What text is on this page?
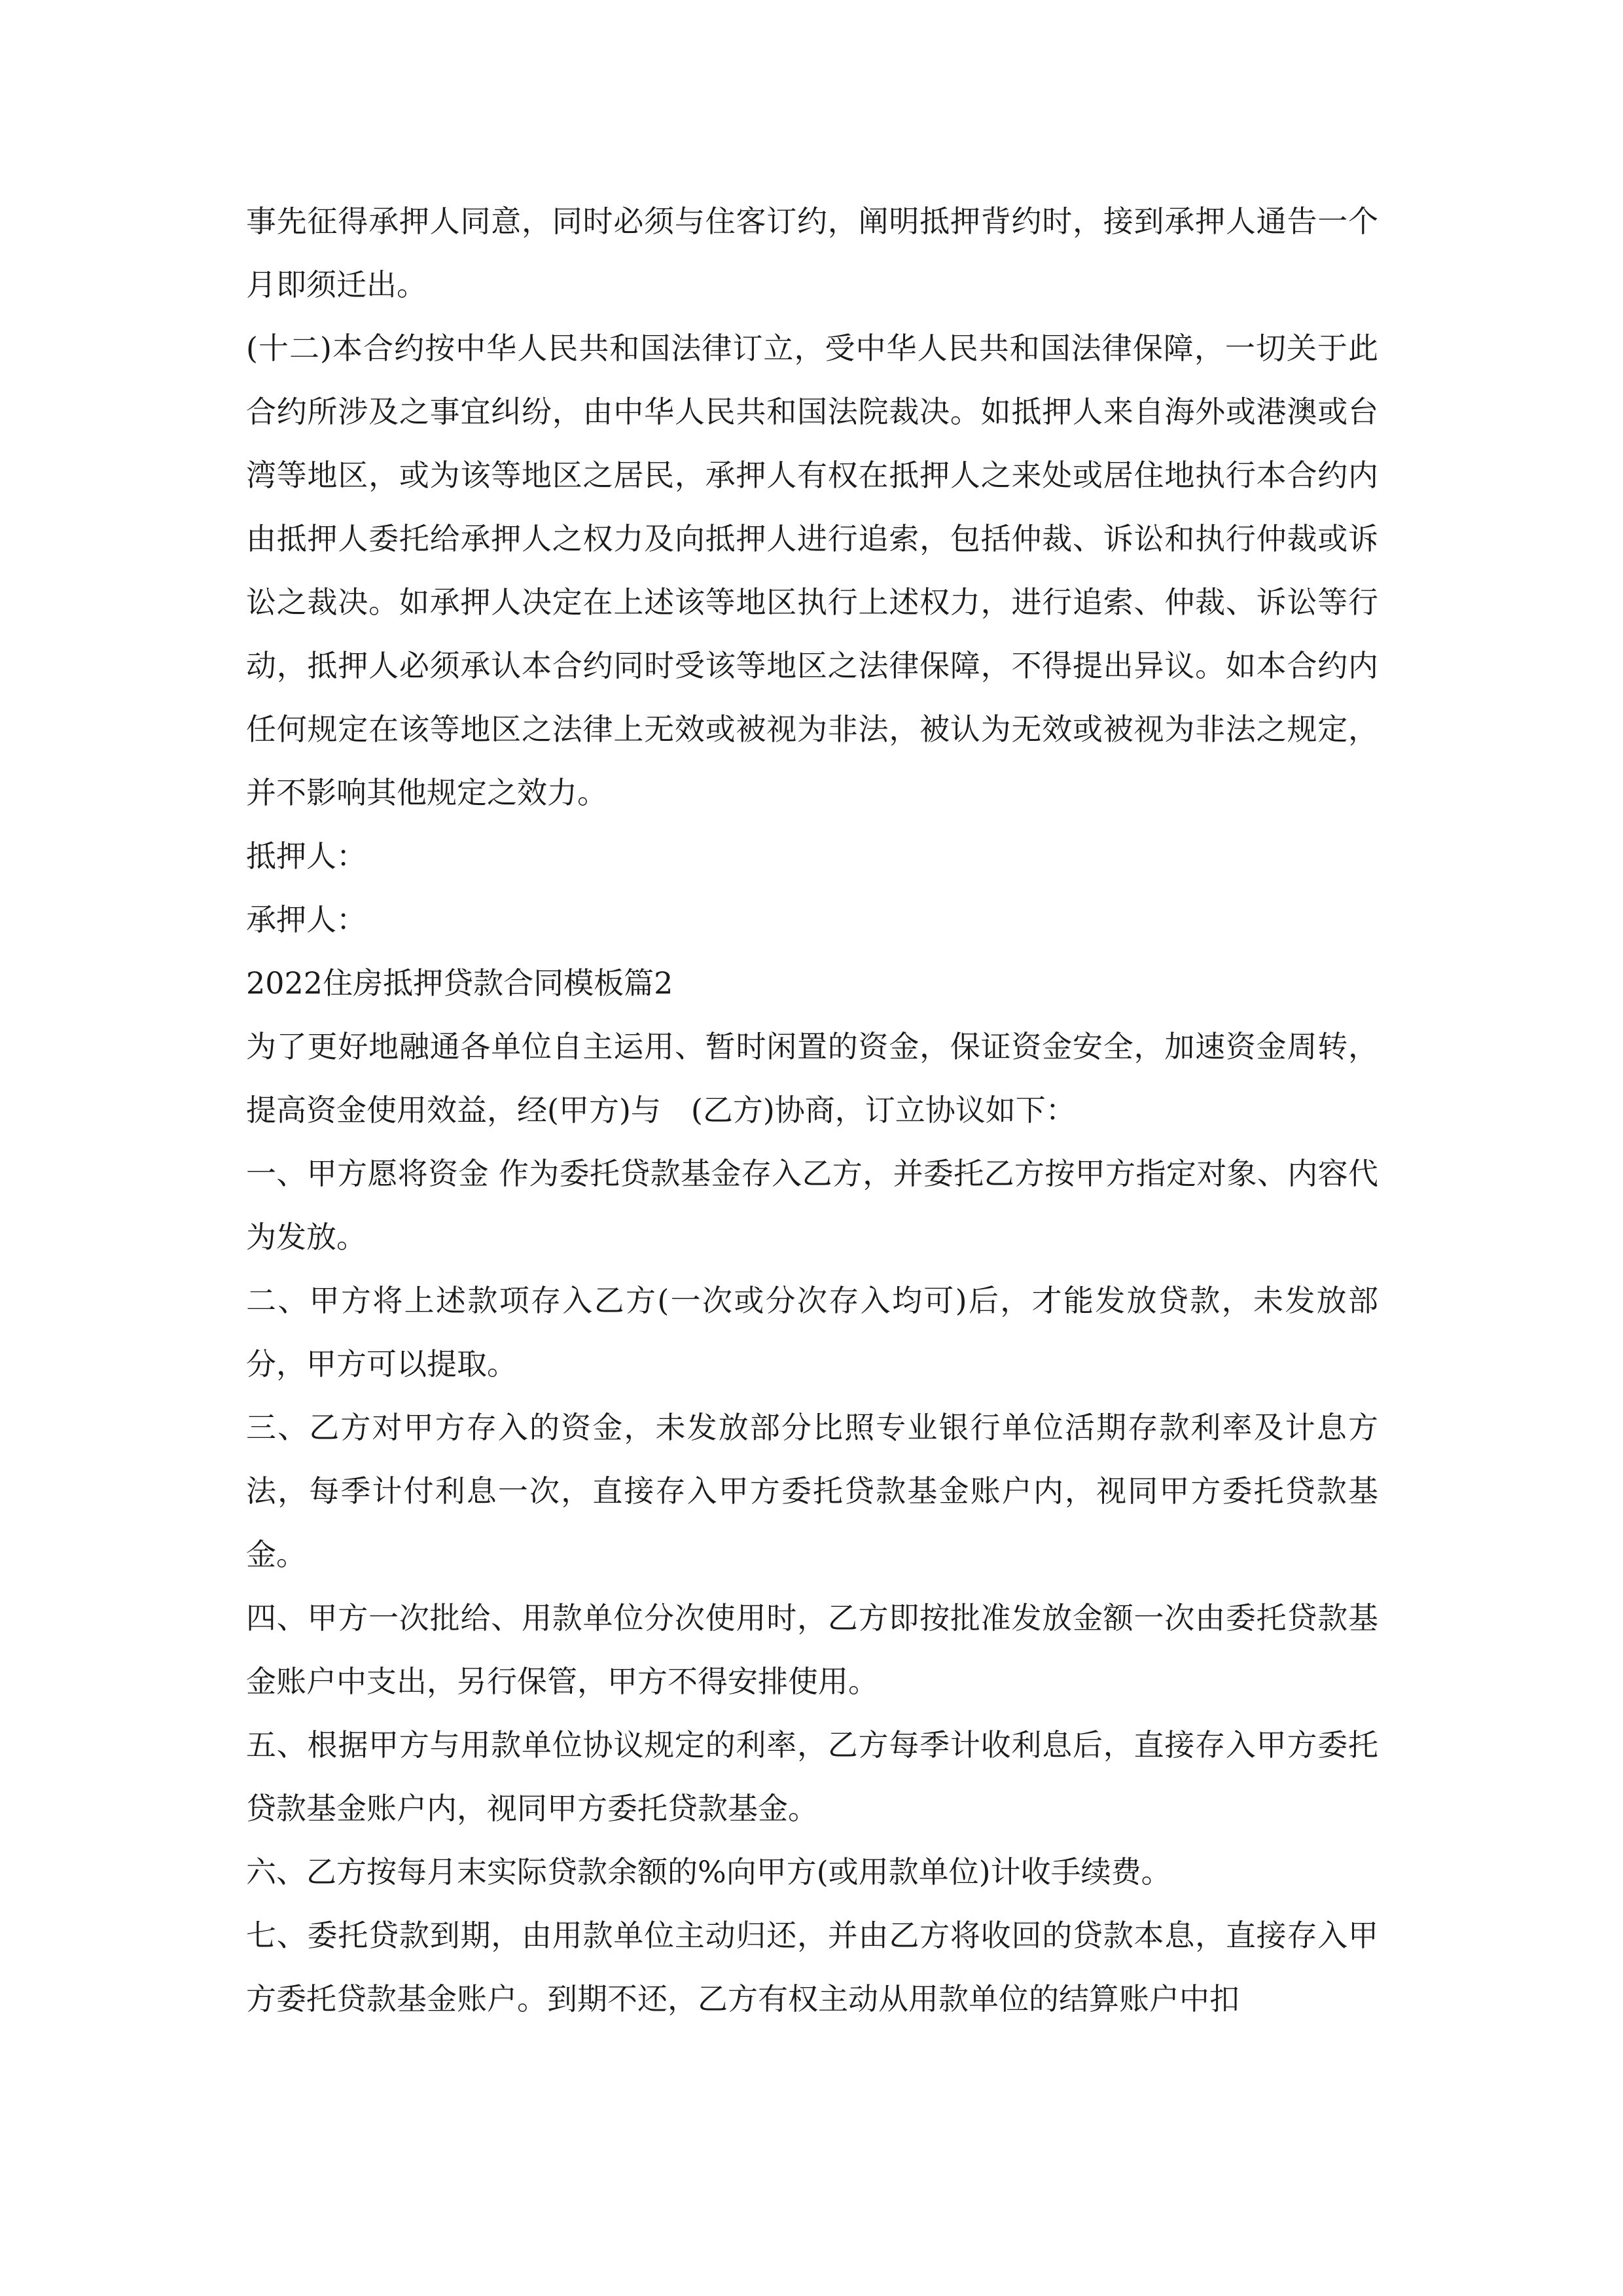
事先征得承押人同意，同时必须与住客订约，阐明抵押背约时，接到承押人通告一个月即须迁出。

(十二)本合约按中华人民共和国法律订立，受中华人民共和国法律保障，一切关于此合约所涉及之事宜纠纷，由中华人民共和国法院裁决。如抵押人来自海外或港澳或台湾等地区，或为该等地区之居民，承押人有权在抵押人之来处或居住地执行本合约内由抵押人委托给承押人之权力及向抵押人进行追索，包括仲裁、诉讼和执行仲裁或诉讼之裁决。如承押人决定在上述该等地区执行上述权力，进行追索、仲裁、诉讼等行动，抵押人必须承认本合约同时受该等地区之法律保障，不得提出异议。如本合约内任何规定在该等地区之法律上无效或被视为非法，被认为无效或被视为非法之规定，并不影响其他规定之效力。

抵押人：

承押人：

2022住房抵押贷款合同模板篇2

为了更好地融通各单位自主运用、暂时闲置的资金，保证资金安全，加速资金周转，提高资金使用效益，经(甲方)与　(乙方)协商，订立协议如下：

一、甲方愿将资金 作为委托贷款基金存入乙方，并委托乙方按甲方指定对象、内容代为发放。

二、甲方将上述款项存入乙方(一次或分次存入均可)后，才能发放贷款，未发放部分，甲方可以提取。

三、乙方对甲方存入的资金，未发放部分比照专业银行单位活期存款利率及计息方法，每季计付利息一次，直接存入甲方委托贷款基金账户内，视同甲方委托贷款基金。

四、甲方一次批给、用款单位分次使用时，乙方即按批准发放金额一次由委托贷款基金账户中支出，另行保管，甲方不得安排使用。

五、根据甲方与用款单位协议规定的利率，乙方每季计收利息后，直接存入甲方委托贷款基金账户内，视同甲方委托贷款基金。

六、乙方按每月末实际贷款余额的%向甲方(或用款单位)计收手续费。

七、委托贷款到期，由用款单位主动归还，并由乙方将收回的贷款本息，直接存入甲方委托贷款基金账户。到期不还，乙方有权主动从用款单位的结算账户中扣
